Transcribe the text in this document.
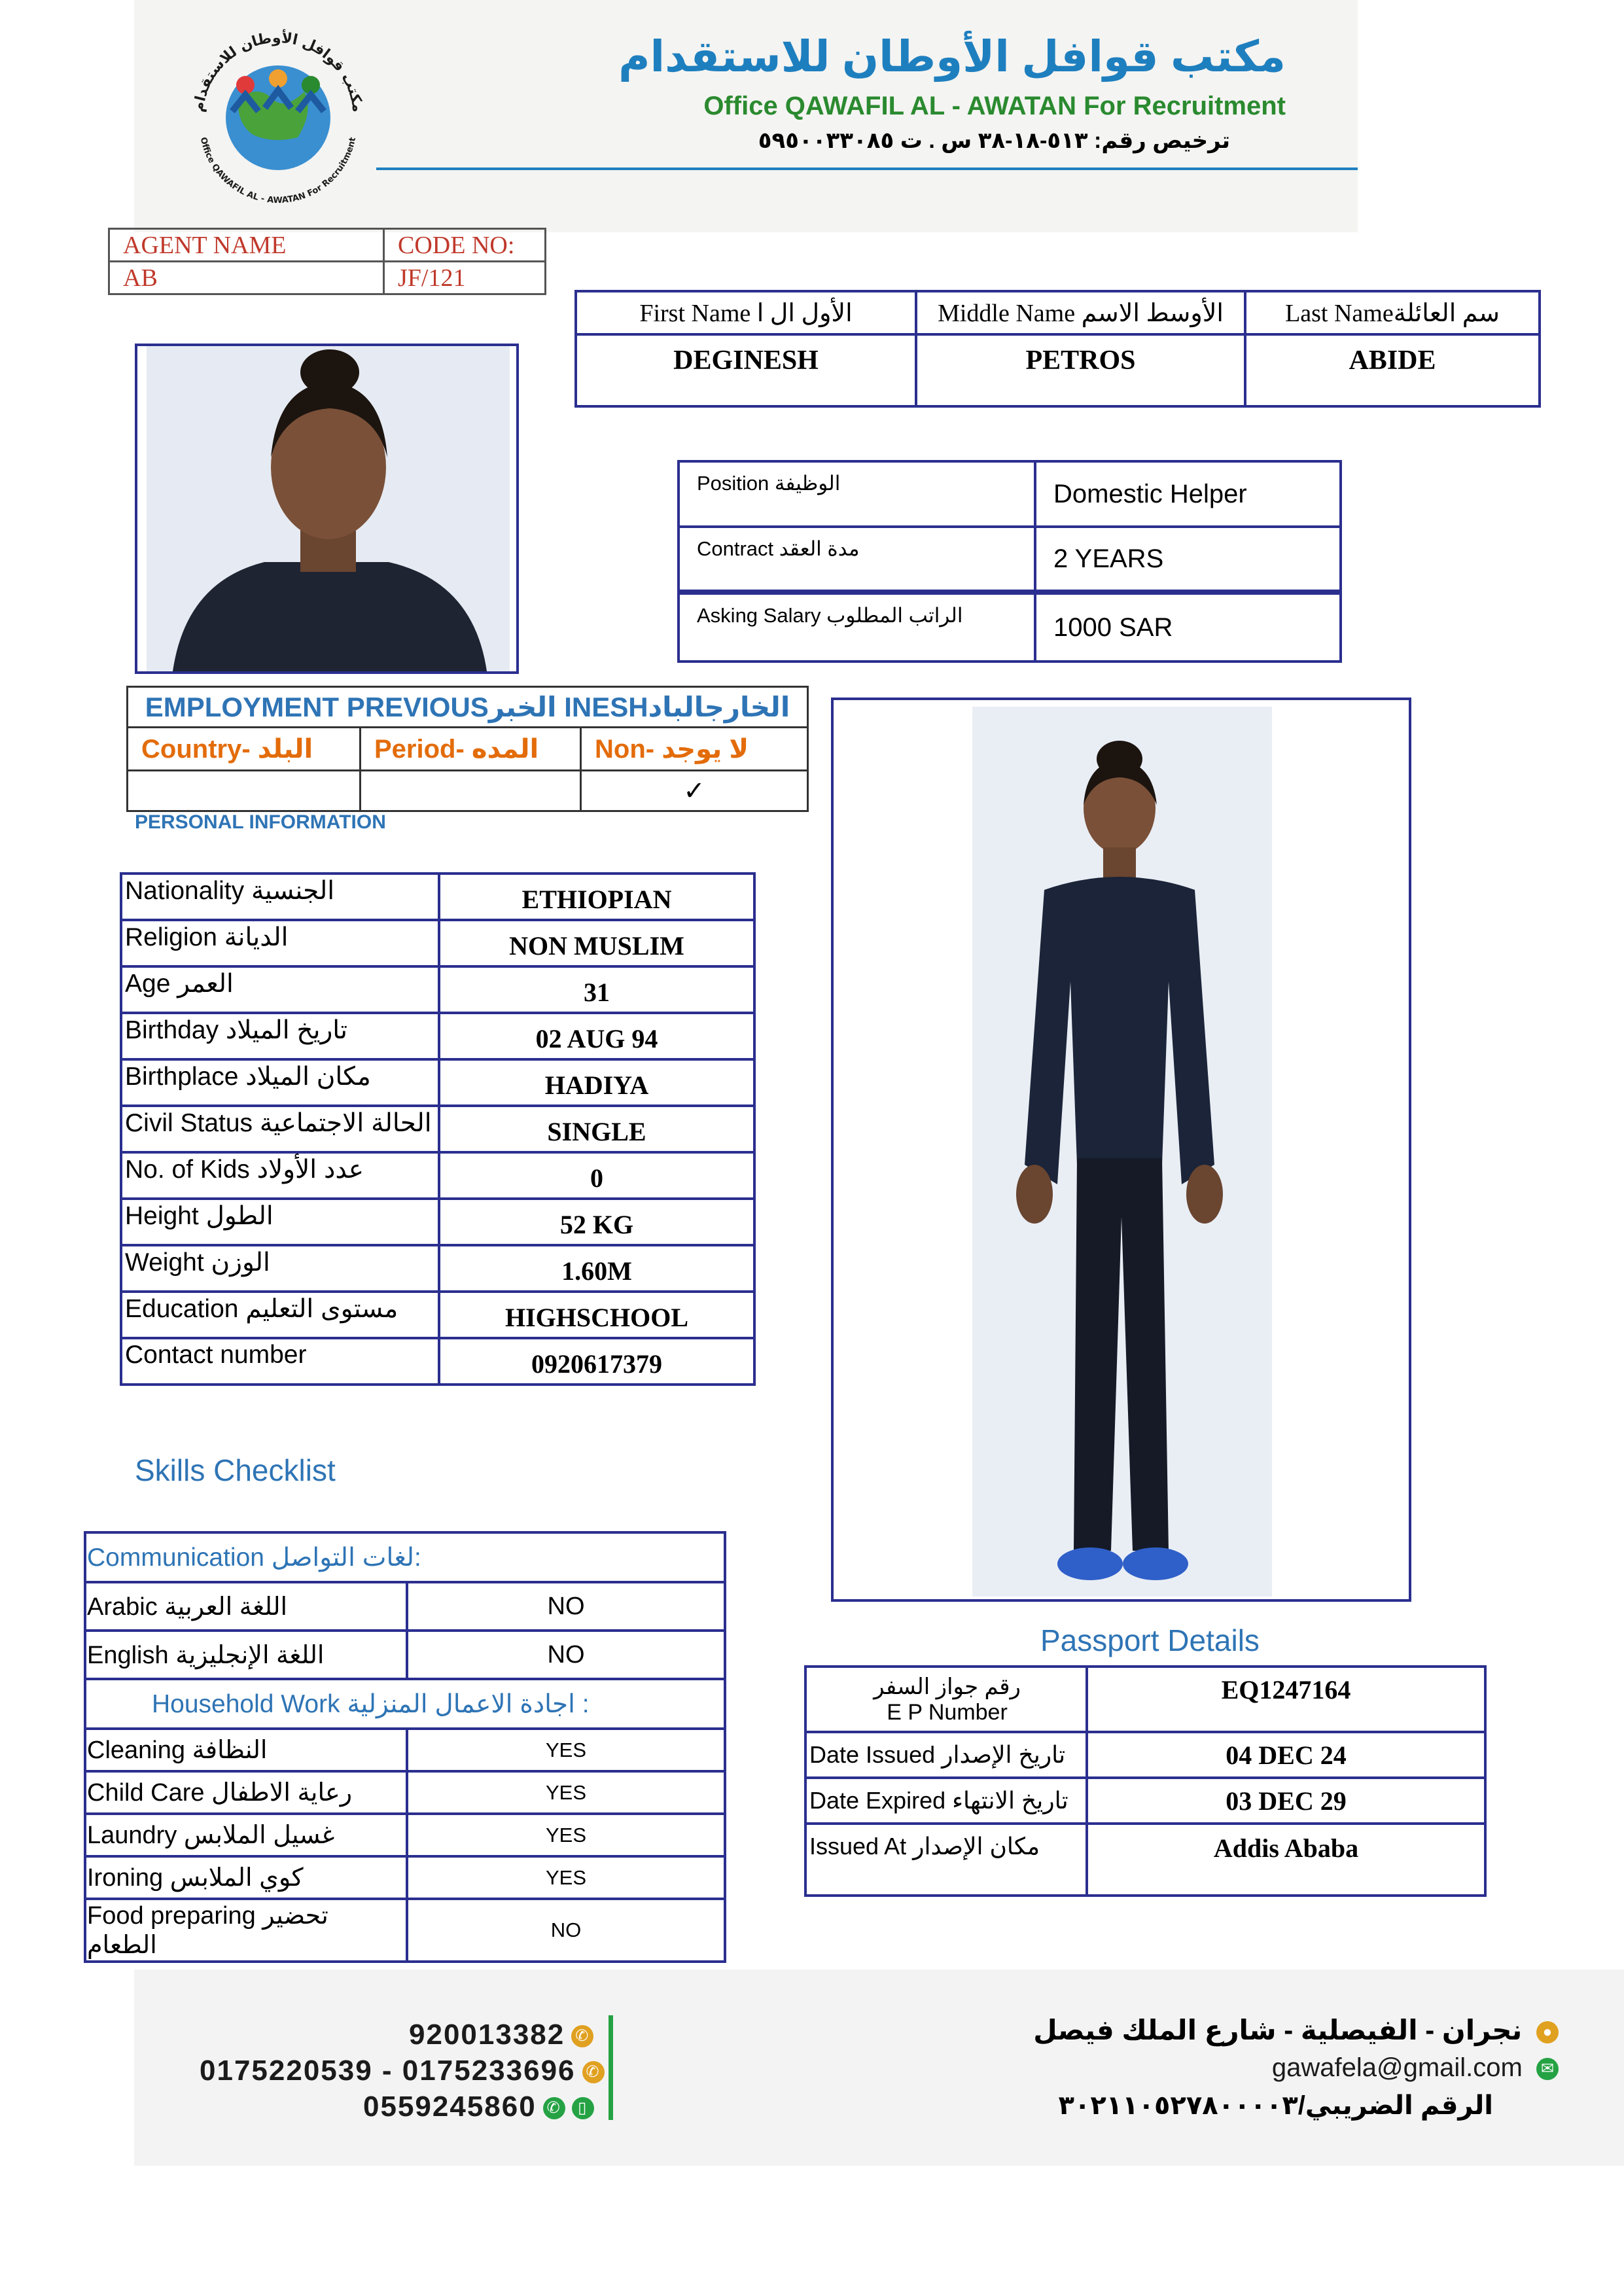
مكتب قوافل الأوطان للاستقدام
Office QAWAFIL AL - AWATAN For Recruitment
مكتب قوافل الأوطان للاستقدام
Office QAWAFIL AL - AWATAN For Recruitment
ترخيص رقم: ٥١٣-١٨-٣٨ س . ت ٥٩٥٠٠٣٣٠٨٥
AGENT NAME	CODE NO:
AB	JF/121
First Name الأول ال ا	Middle Name الأوسط الاسم	Last Nameسم العائلة
DEGINESH	PETROS	ABIDE
Position الوظيفة	Domestic Helper
Contract مدة العقد	2 YEARS
Asking Salary الراتب المطلوب	1000 SAR
EMPLOYMENT PREVIOUSالخبر INESHالخارجالباد		
Country- البلد	Period- المده	Non- لا يوجد
		✓
PERSONAL INFORMATION
Nationality الجنسية	ETHIOPIAN
Religion الديانة	NON MUSLIM
Age العمر	31
Birthday تاريخ الميلاد	02 AUG 94
Birthplace مكان الميلاد	HADIYA
Civil Status الحالة الاجتماعية	SINGLE
No. of Kids عدد الأولاد	0
Height الطول	52 KG
Weight الوزن	1.60M
Education مستوى التعليم	HIGHSCHOOL
Contact number	0920617379
Skills Checklist
Communication لغات التواصل:	
Arabic اللغة العربية	NO
English اللغة الإنجليزية	NO
Household Work اجادة الاعمال المنزلية :	
Cleaning النظافة	YES
Child Care رعاية الاطفال	YES
Laundry غسيل الملابس	YES
Ironing كوي الملابس	YES
Food preparing تحضير الطعام	NO
Passport Details
رقم جواز السفر
E P Number	EQ1247164
Date Issued تاريخ الإصدار	04 DEC 24
Date Expired تاريخ الانتهاء	03 DEC 29
Issued At مكان الإصدار	Addis Ababa
920013382 ✆
0175220539 - 0175233696 ✆
0559245860 ✆ ▯
● نجران - الفيصلية - شارع الملك فيصل
gawafela@gmail.com ✉
الرقم الضريبي/٣٠٢١١٠٥٢٧٨٠٠٠٠٣
